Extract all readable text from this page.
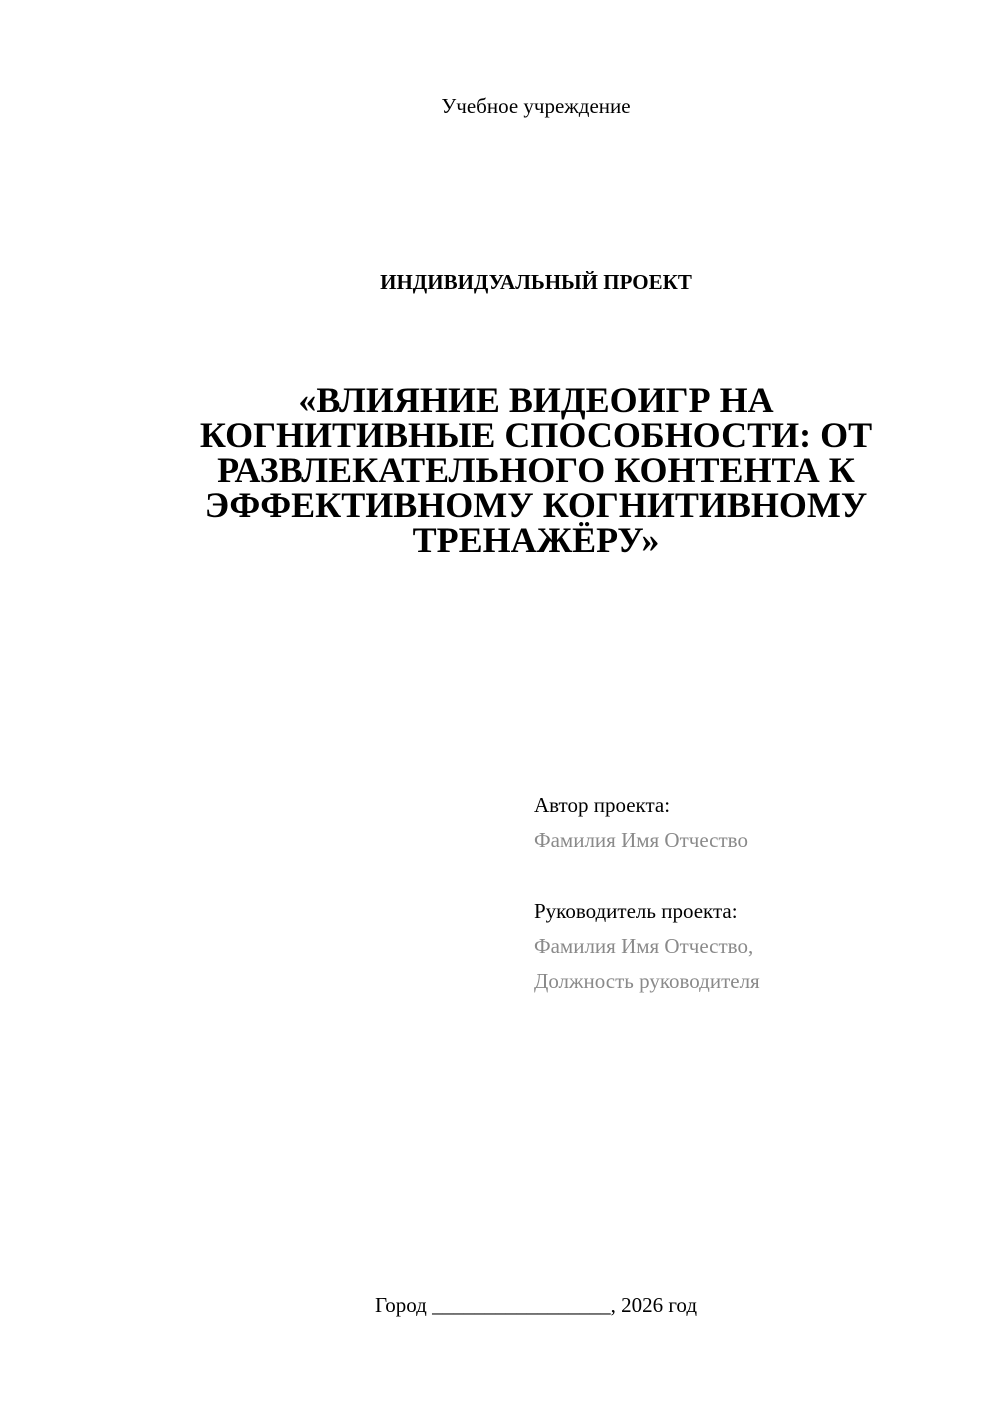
Учебное учреждение
ИНДИВИДУАЛЬНЫЙ ПРОЕКТ
«ВЛИЯНИЕ ВИДЕОИГР НА
КОГНИТИВНЫЕ СПОСОБНОСТИ: ОТ
РАЗВЛЕКАТЕЛЬНОГО КОНТЕНТА К
ЭФФЕКТИВНОМУ КОГНИТИВНОМУ
ТРЕНАЖЁРУ»
Автор проекта:
Фамилия Имя Отчество
Руководитель проекта:
Фамилия Имя Отчество,
Должность руководителя
Город _________________, 2026 год
